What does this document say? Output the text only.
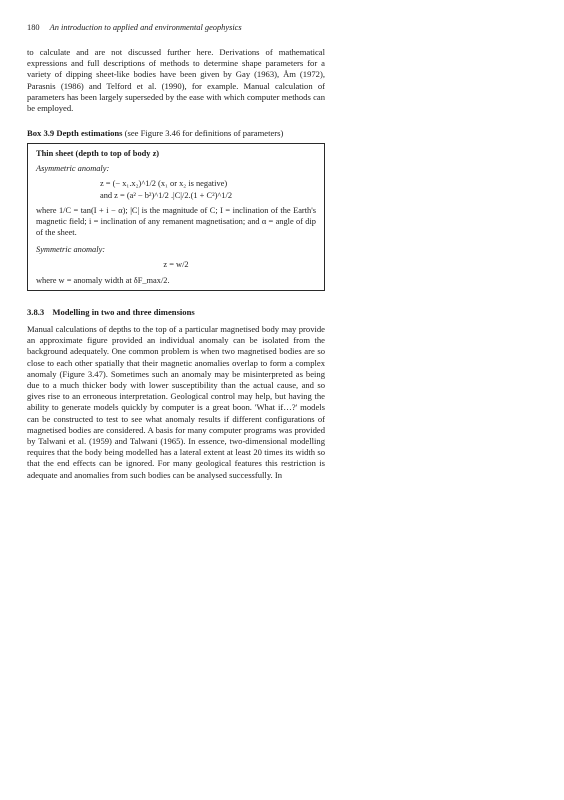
180 An introduction to applied and environmental geophysics

to calculate and are not discussed further here. Derivations of mathematical expressions and full descriptions of methods to determine shape parameters for a variety of dipping sheet-like bodies have been given by Gay (1963), Åm (1972), Parasnis (1986) and Telford et al. (1990), for example. Manual calculation of parameters has been largely superseded by the ease with which computer methods can be employed.

Box 3.9 Depth estimations (see Figure 3.46 for definitions of parameters)
Thin sheet (depth to top of body z)
Asymmetric anomaly:
z = (− x₁.x₂)^1/2 (x₁ or x₂ is negative)
and z = (a² − b²)^1/2 .|C|/2.(1 + C²)^1/2
where 1/C = tan(I + i − α); |C| is the magnitude of C; I = inclination of the Earth's magnetic field; i = inclination of any remanent magnetisation; and α = angle of dip of the sheet.
Symmetric anomaly:
z = w/2
where w = anomaly width at δF_max/2.
3.8.3 Modelling in two and three dimensions

Manual calculations of depths to the top of a particular magnetised body may provide an approximate figure provided an individual anomaly can be isolated from the background adequately. One common problem is when two magnetised bodies are so close to each other spatially that their magnetic anomalies overlap to form a complex anomaly (Figure 3.47). Sometimes such an anomaly may be misinterpreted as being due to a much thicker body with lower susceptibility than the actual cause, and so gives rise to an erroneous interpretation. Geological control may help, but having the ability to generate models quickly by computer is a great boon. 'What if…?' models can be constructed to test to see what anomaly results if different configurations of magnetised bodies are considered. A basis for many computer programs was provided by Talwani et al. (1959) and Talwani (1965). In essence, two-dimensional modelling requires that the body being modelled has a lateral extent at least 20 times its width so that the end effects can be ignored. For many geological features this restriction is adequate and anomalies from such bodies can be analysed successfully. In
